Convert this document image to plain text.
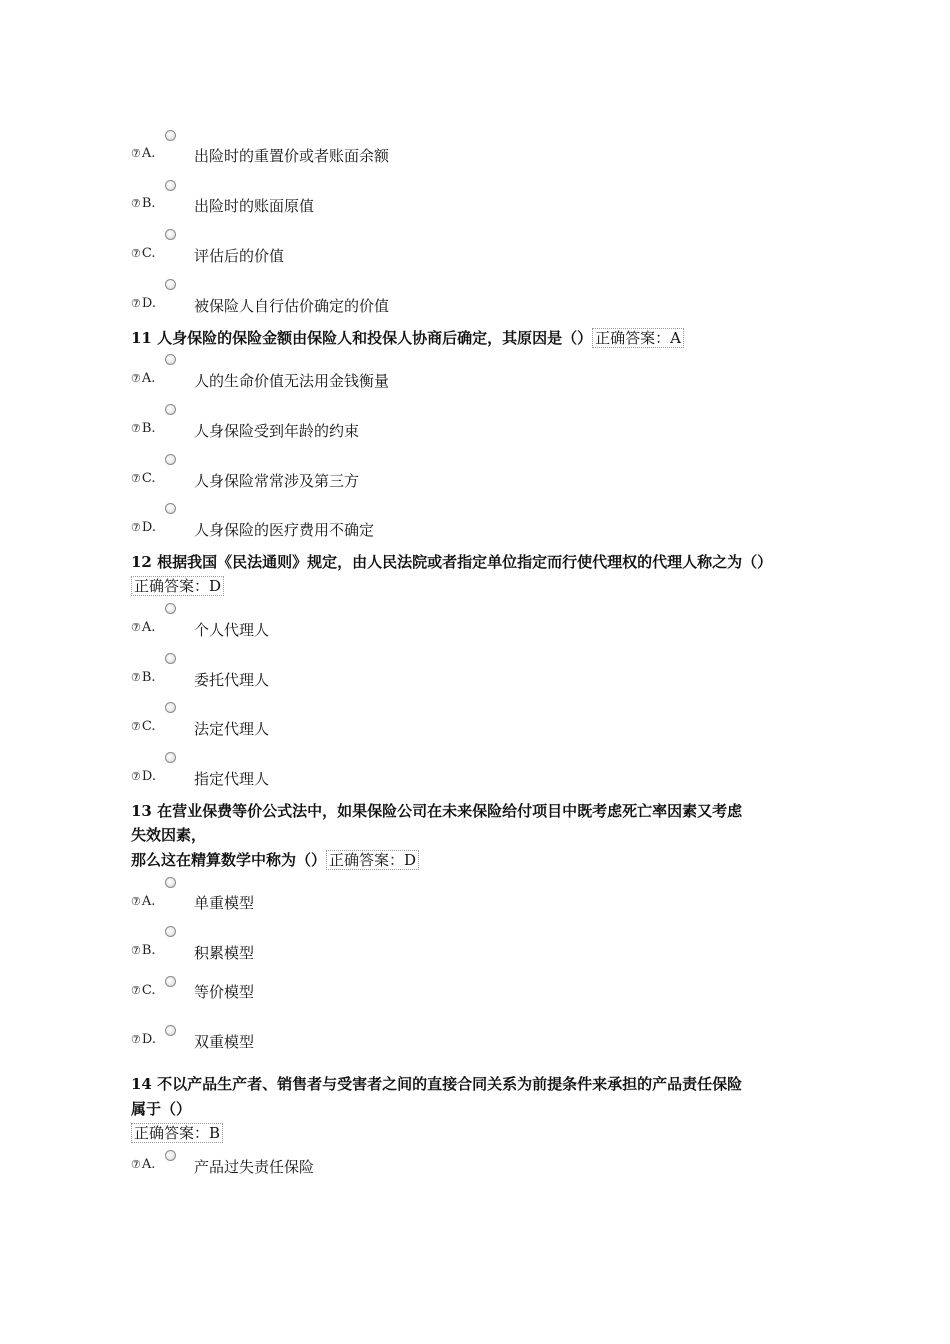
⑦A.	出险时的重置价或者账面余额
⑦B.	出险时的账面原值
⑦C.	评估后的价值
⑦D.	被保险人自行估价确定的价值
11 人身保险的保险金额由保险人和投保人协商后确定，其原因是（） 正确答案：A
⑦A.	人的生命价值无法用金钱衡量
⑦B.	人身保险受到年龄的约束
⑦C.	人身保险常常涉及第三方
⑦D.	人身保险的医疗费用不确定
12 根据我国《民法通则》规定，由人民法院或者指定单位指定而行使代理权的代理人称之为（）
正确答案：D
⑦A.	个人代理人
⑦B.	委托代理人
⑦C.	法定代理人
⑦D.	指定代理人
13 在营业保费等价公式法中，如果保险公司在未来保险给付项目中既考虑死亡率因素又考虑
失效因素，
那么这在精算数学中称为（） 正确答案：D
⑦A.	单重模型
⑦B.	积累模型
⑦C.	等价模型
⑦D.	双重模型
14 不以产品生产者、销售者与受害者之间的直接合同关系为前提条件来承担的产品责任保险
属于（）
正确答案：B
⑦A.	产品过失责任保险
